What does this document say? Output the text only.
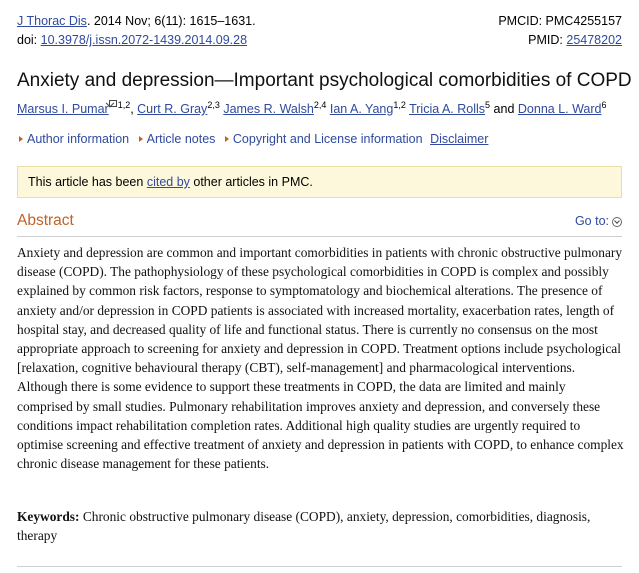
J Thorac Dis. 2014 Nov; 6(11): 1615–1631.
doi: 10.3978/j.issn.2072-1439.2014.09.28
PMCID: PMC4255157
PMID: 25478202
Anxiety and depression—Important psychological comorbidities of COPD
Marsus I. Pumar $^{1,2}$, Curt R. Gray$^{2,3}$ James R. Walsh$^{2,4}$ Ian A. Yang$^{1,2}$ Tricia A. Rolls$^5$ and Donna L. Ward$^6$
Author information Article notes Copyright and License information Disclaimer
This article has been cited by other articles in PMC.
Abstract	Go to:

Anxiety and depression are common and important comorbidities in patients with chronic obstructive pulmonary disease (COPD). The pathophysiology of these psychological comorbidities in COPD is complex and possibly explained by common risk factors, response to symptomatology and biochemical alterations. The presence of anxiety and/or depression in COPD patients is associated with increased mortality, exacerbation rates, length of hospital stay, and decreased quality of life and functional status. There is currently no consensus on the most appropriate approach to screening for anxiety and depression in COPD. Treatment options include psychological [relaxation, cognitive behavioural therapy (CBT), self-management] and pharmacological interventions. Although there is some evidence to support these treatments in COPD, the data are limited and mainly comprised by small studies. Pulmonary rehabilitation improves anxiety and depression, and conversely these conditions impact rehabilitation completion rates. Additional high quality studies are urgently required to optimise screening and effective treatment of anxiety and depression in patients with COPD, to enhance complex chronic disease management for these patients.

Keywords: Chronic obstructive pulmonary disease (COPD), anxiety, depression, comorbidities, diagnosis, therapy
